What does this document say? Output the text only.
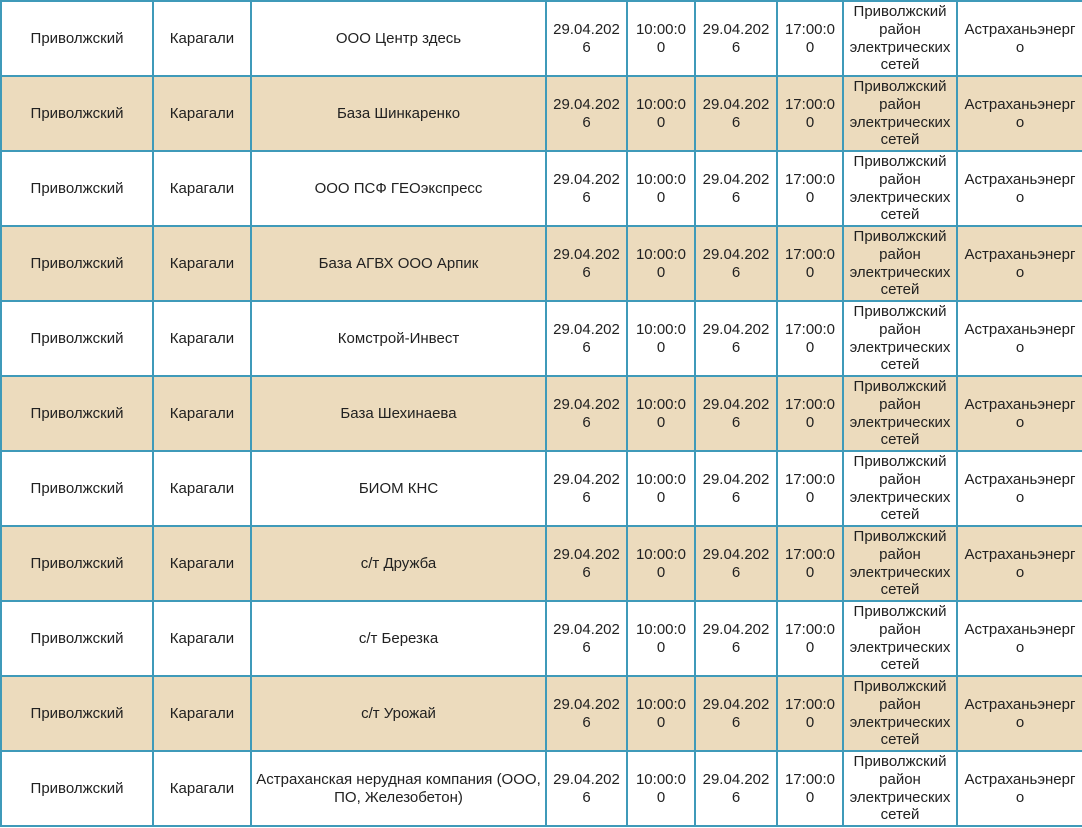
Приволжский	Карагали	ООО Центр здесь	29.04.2026	10:00:00	29.04.2026	17:00:00	Приволжский район электрических сетей	Астраханьэнерго
Приволжский	Карагали	База Шинкаренко	29.04.2026	10:00:00	29.04.2026	17:00:00	Приволжский район электрических сетей	Астраханьэнерго
Приволжский	Карагали	ООО ПСФ ГЕОэкспресс	29.04.2026	10:00:00	29.04.2026	17:00:00	Приволжский район электрических сетей	Астраханьэнерго
Приволжский	Карагали	База АГВХ ООО Арпик	29.04.2026	10:00:00	29.04.2026	17:00:00	Приволжский район электрических сетей	Астраханьэнерго
Приволжский	Карагали	Комстрой-Инвест	29.04.2026	10:00:00	29.04.2026	17:00:00	Приволжский район электрических сетей	Астраханьэнерго
Приволжский	Карагали	База Шехинаева	29.04.2026	10:00:00	29.04.2026	17:00:00	Приволжский район электрических сетей	Астраханьэнерго
Приволжский	Карагали	БИОМ КНС	29.04.2026	10:00:00	29.04.2026	17:00:00	Приволжский район электрических сетей	Астраханьэнерго
Приволжский	Карагали	с/т Дружба	29.04.2026	10:00:00	29.04.2026	17:00:00	Приволжский район электрических сетей	Астраханьэнерго
Приволжский	Карагали	с/т Березка	29.04.2026	10:00:00	29.04.2026	17:00:00	Приволжский район электрических сетей	Астраханьэнерго
Приволжский	Карагали	с/т Урожай	29.04.2026	10:00:00	29.04.2026	17:00:00	Приволжский район электрических сетей	Астраханьэнерго
Приволжский	Карагали	Астраханская нерудная компания (ООО, ПО, Железобетон)	29.04.2026	10:00:00	29.04.2026	17:00:00	Приволжский район электрических сетей	Астраханьэнерго
